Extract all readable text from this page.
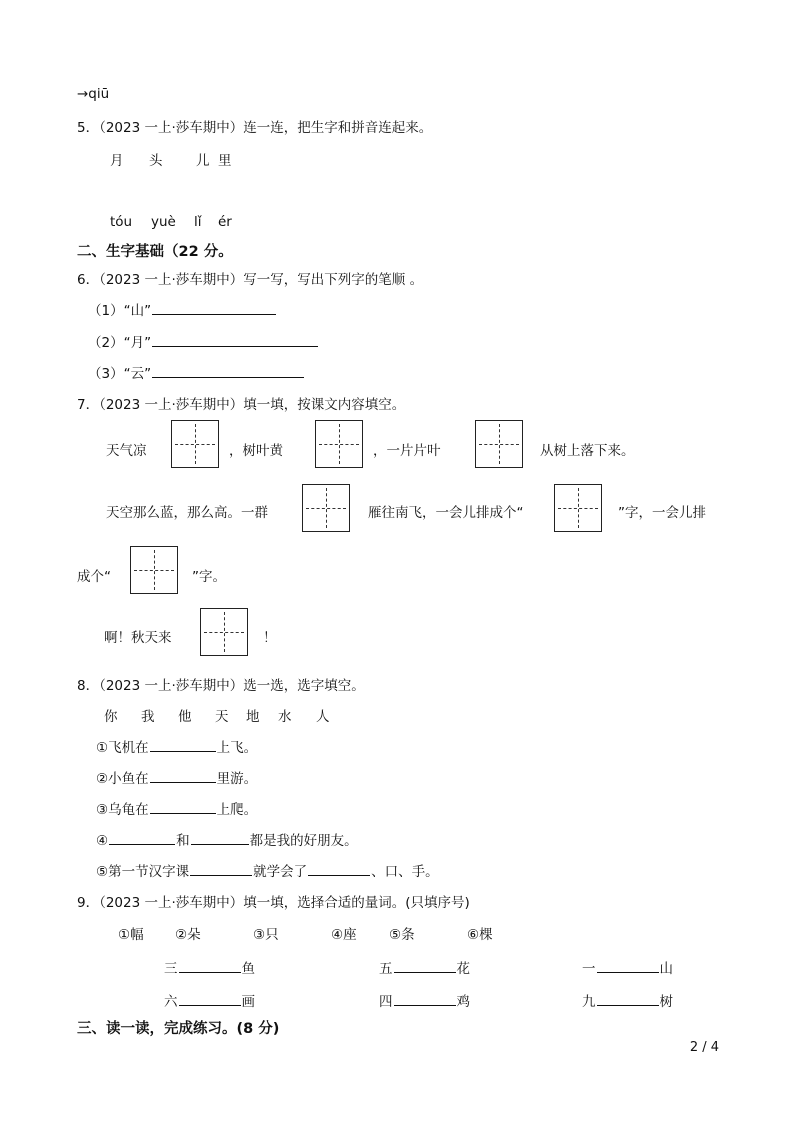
→qiū
5．（2023 一上·莎车期中）连一连，把生字和拼音连起来。
月 头 儿 里
tóu yuè lǐ ér
二、生字基础（22 分。
6．（2023 一上·莎车期中）写一写，写出下列字的笔顺 。
（1）“山”
（2）“月”
（3）“云”
7．（2023 一上·莎车期中）填一填，按课文内容填空。
天气凉	，树叶黄	，一片片叶	从树上落下来。
天空那么蓝，那么高。一群	雁往南飞，一会儿排成个“	”字，一会儿排
成个“	”字。
啊！秋天来	！
8．（2023 一上·莎车期中）选一选，选字填空。
你 我 他 天 地 水 人
①飞机在	上飞。
②小鱼在	里游。
③乌龟在	上爬。
④	和	都是我的好朋友。
⑤第一节汉字课	就学会了	、口、手。
9．（2023 一上·莎车期中）填一填，选择合适的量词。(只填序号)
①幅 ②朵	③只	④座 ⑤条	⑥棵
三	鱼	五	花	一	山
六	画	四	鸡	九	树
三、读一读，完成练习。(8 分)
2 / 4
